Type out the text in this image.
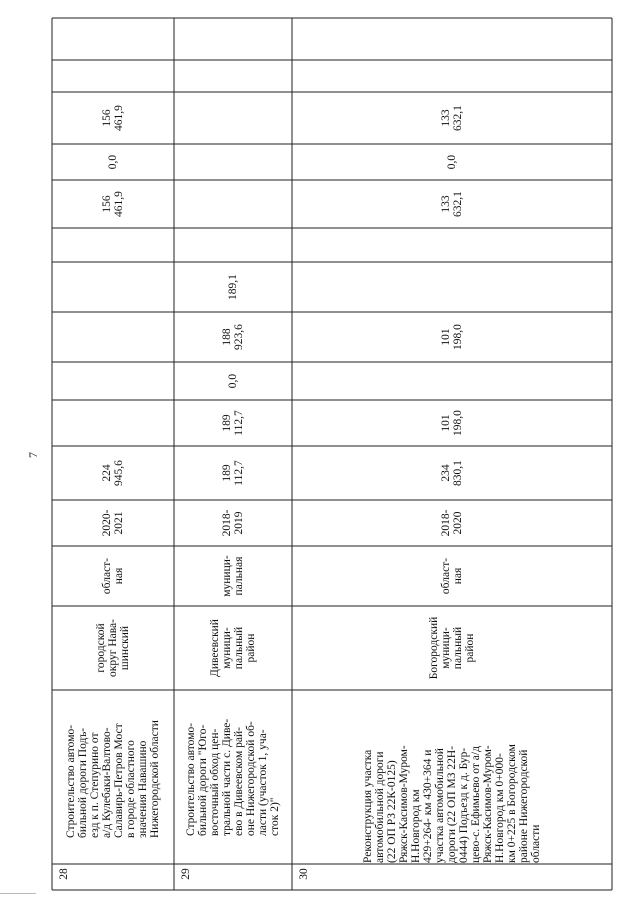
7
28
Строительство автомо-
бильной дороги Подъ-
езд к п. Степурино от
а/д Кулебаки-Валтово-
Салавирь-Петров Мост
в городе областного
значения Навашино
Нижегородской области
городской
округ Нава-
шинский
област-
ная
2020-
2021
224
945,6
156
461,9
0,0
156
461,9
29
Строительство автомо-
бильной дороги "Юго-
восточный обход цен-
тральной части с. Диве-
ево в Дивеевском рай-
оне Нижегородской об-
ласти (участок 1, уча-
сток 2)"
Дивеевский
муници-
пальный
район
муници-
пальная
2018-
2019
189
112,7
189
112,7
0,0
188
923,6
189,1
30
Реконструкция участка
автомобильной дороги
(22 ОП РЗ 22К-0125)
Ряжск-Касимов-Муром-
Н.Новгород км
429+264- км 430+364 и
участка автомобильной
дороги (22 ОП МЗ 22Н-
0444) Подъезд к д. Бур-
цево-с. Ефимьево от а/д
Ряжск-Касимов-Муром-
Н.Новгород км 0+000-
км 0+225 в Богородском
районе Нижегородской
области
Богородский
муници-
пальный
район
област-
ная
2018-
2020
234
830,1
101
198,0
101
198,0
133
632,1
0,0
133
632,1
